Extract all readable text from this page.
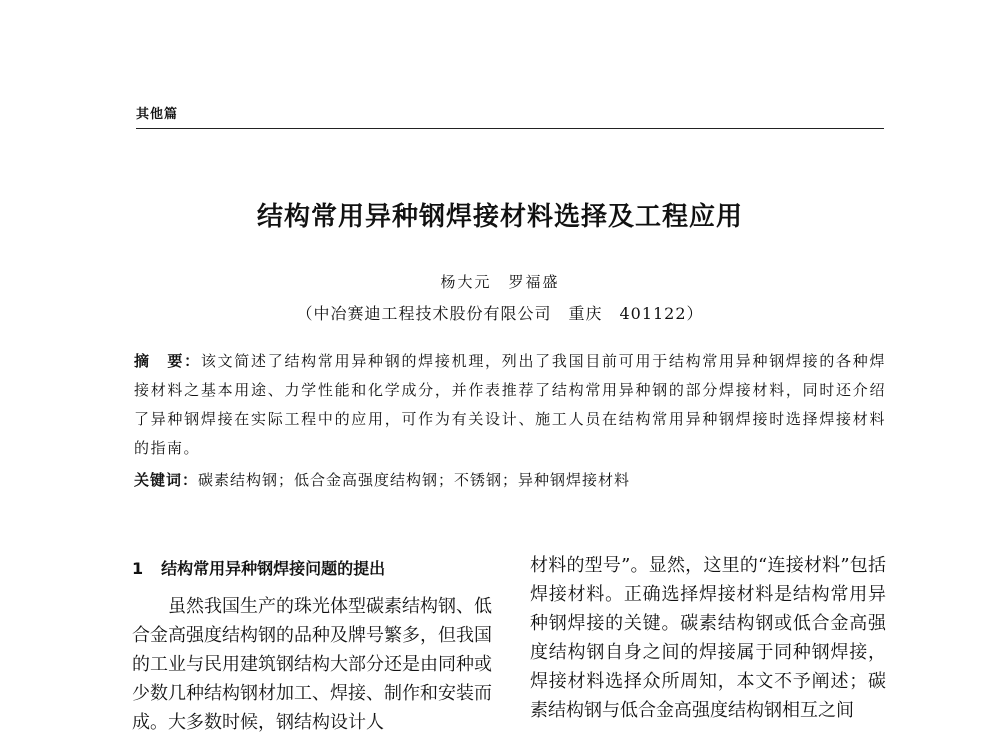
其他篇
结构常用异种钢焊接材料选择及工程应用
杨大元　罗福盛
（中冶赛迪工程技术股份有限公司　重庆　401122）
摘　要：该文简述了结构常用异种钢的焊接机理，列出了我国目前可用于结构常用异种钢焊接的各种焊接材料之基本用途、力学性能和化学成分，并作表推荐了结构常用异种钢的部分焊接材料，同时还介绍了异种钢焊接在实际工程中的应用，可作为有关设计、施工人员在结构常用异种钢焊接时选择焊接材料的指南。
关键词：碳素结构钢；低合金高强度结构钢；不锈钢；异种钢焊接材料
1 结构常用异种钢焊接问题的提出
虽然我国生产的珠光体型碳素结构钢、低合金高强度结构钢的品种及牌号繁多，但我国的工业与民用建筑钢结构大部分还是由同种或少数几种结构钢材加工、焊接、制作和安装而成。大多数时候，钢结构设计人
材料的型号”。显然，这里的“连接材料”包括焊接材料。正确选择焊接材料是结构常用异种钢焊接的关键。碳素结构钢或低合金高强度结构钢自身之间的焊接属于同种钢焊接，焊接材料选择众所周知，本文不予阐述；碳素结构钢与低合金高强度结构钢相互之间
